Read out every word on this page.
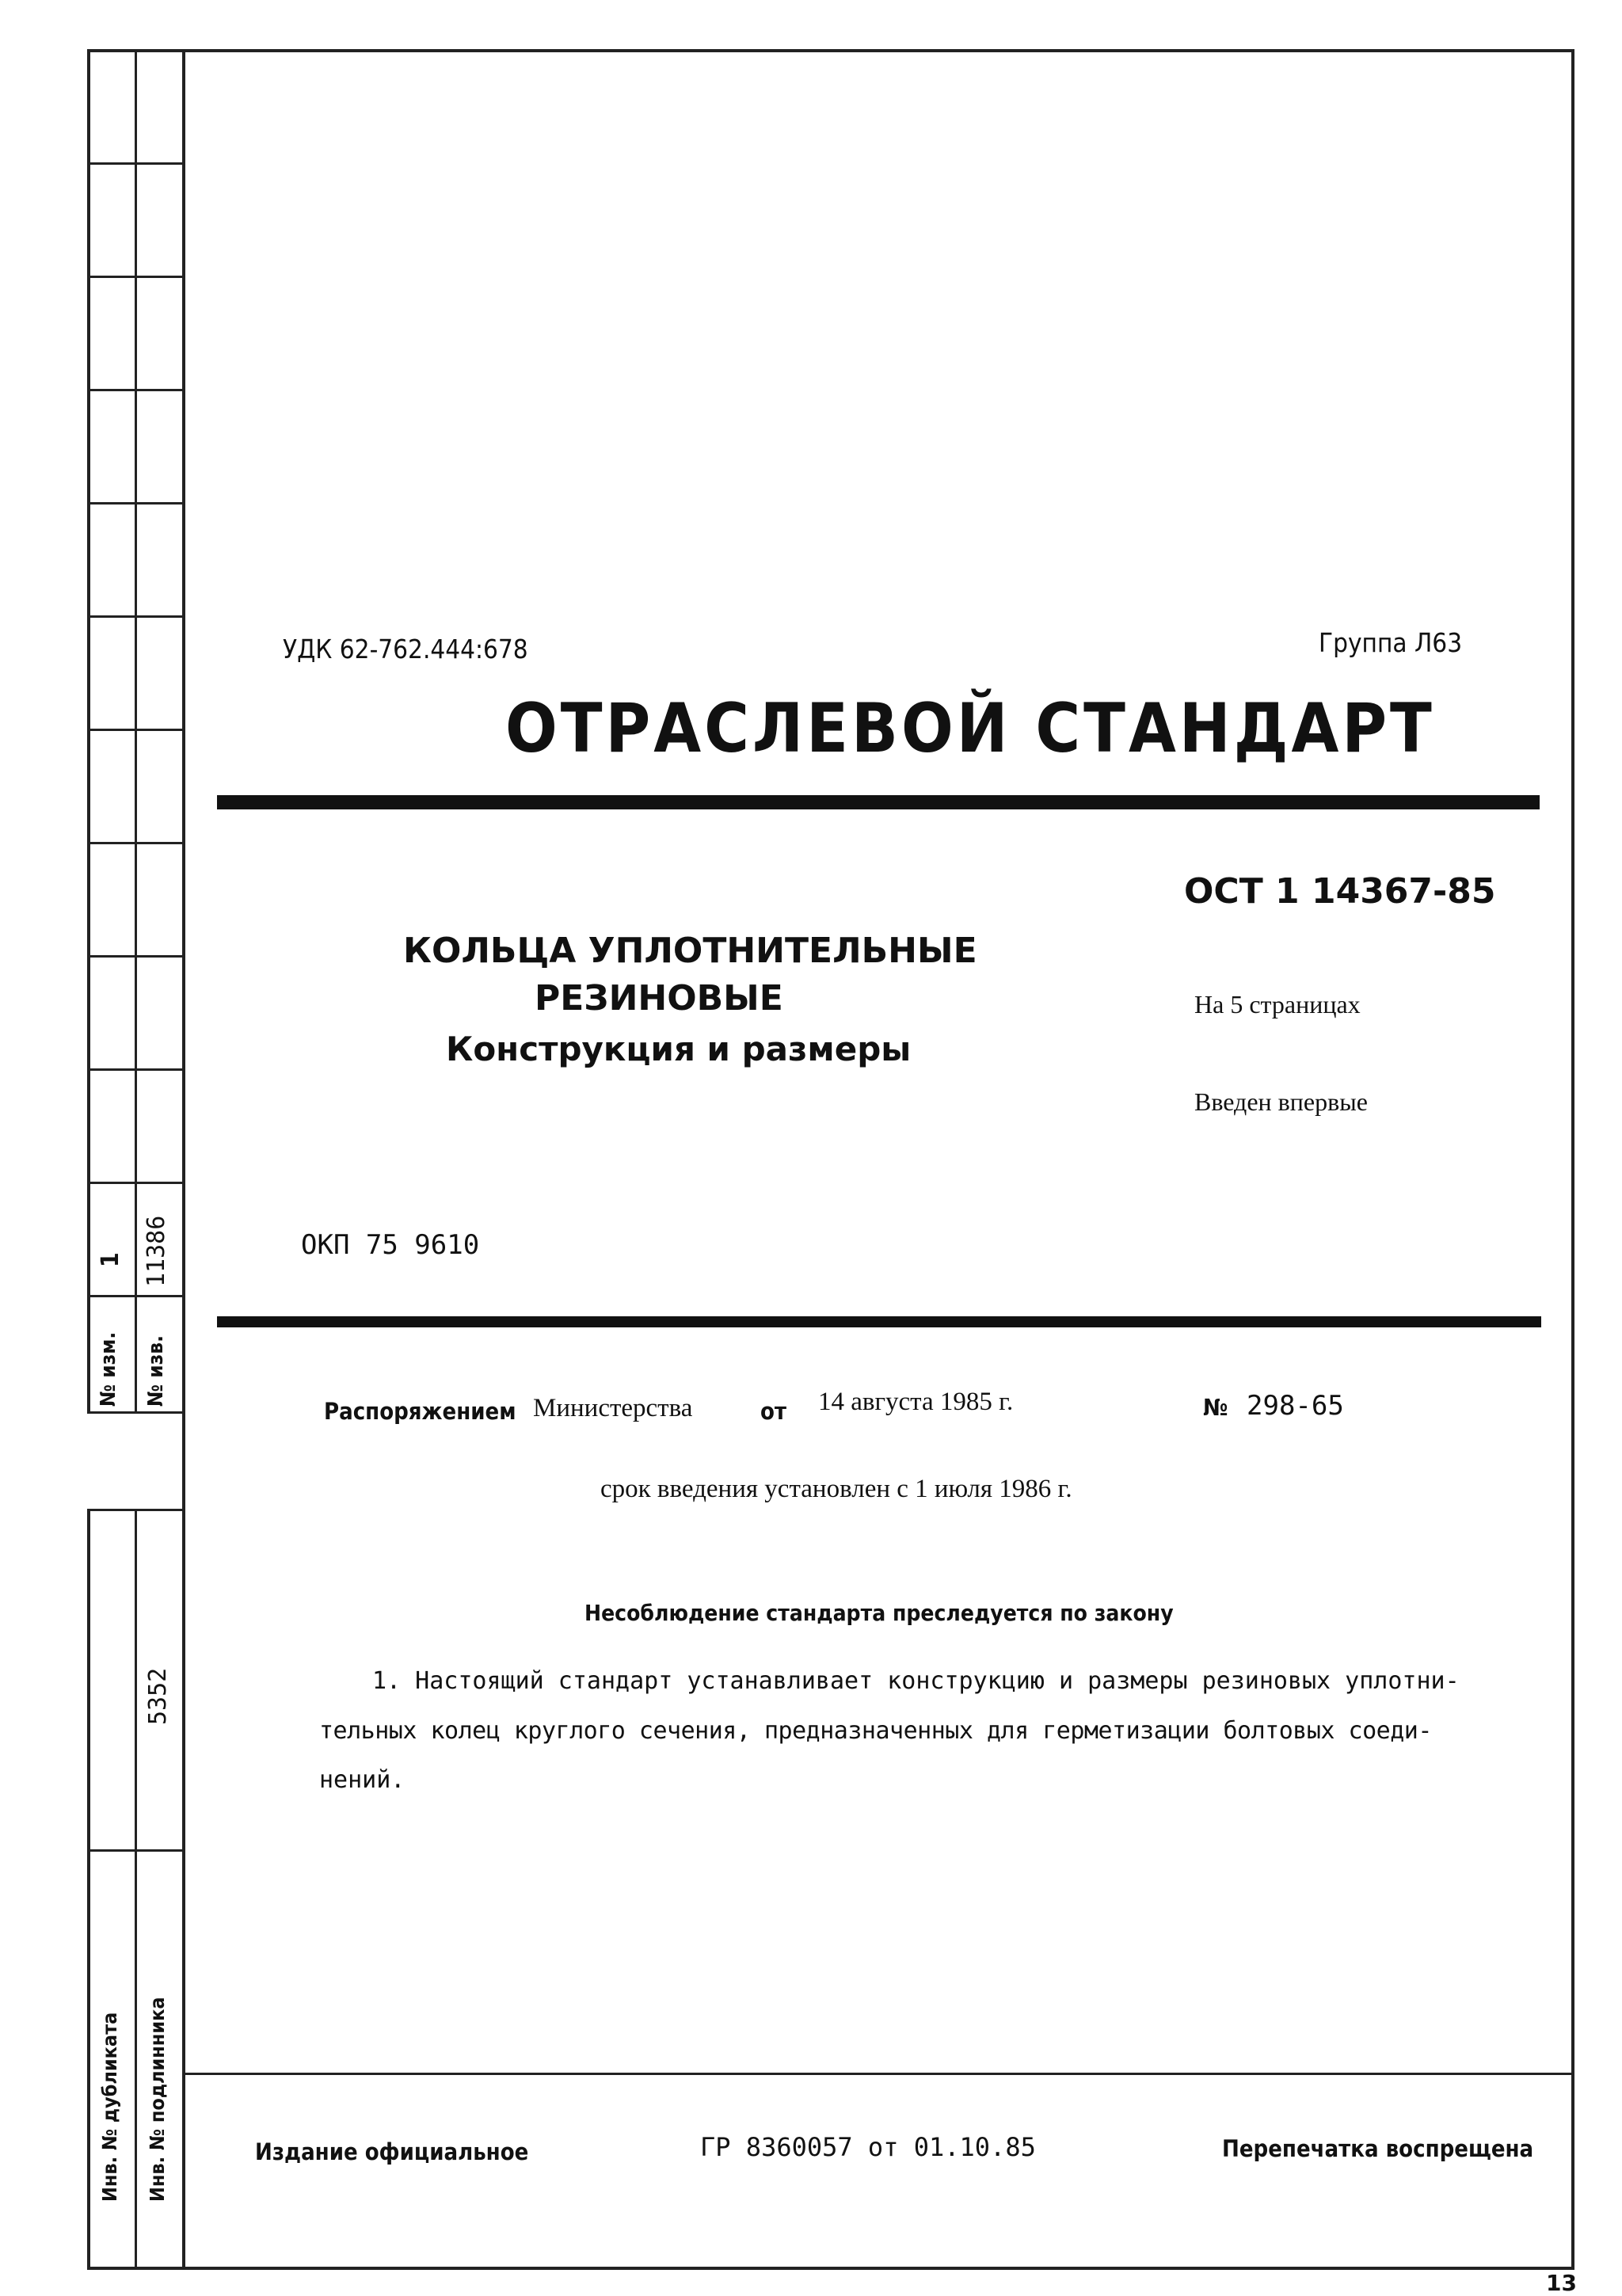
№ изм.
1
№ изв.
11386
5352
Инв. № дубликата Инв. № подлинника
УДК 62-762.444:678	Группа Л63
ОТРАСЛЕВОЙ СТАНДАРТ
ОСТ 1 14367-85
На 5 страницах
Введен впервые
КОЛЬЦА УПЛОТНИТЕЛЬНЫЕ
РЕЗИНОВЫЕ
Конструкция и размеры
ОКП 75 9610
Распоряжением Министерства	от 14 августа 1985 г.	№ 298-65
срок введения установлен с 1 июля 1986 г.
Несоблюдение стандарта преследуется по закону
1. Настоящий стандарт устанавливает конструкцию и размеры резиновых уплотни-
тельных колец круглого сечения, предназначенных для герметизации болтовых соеди-
нений.
Издание официальное	ГР 8360057 от 01.10.85	Перепечатка воспрещена
13
